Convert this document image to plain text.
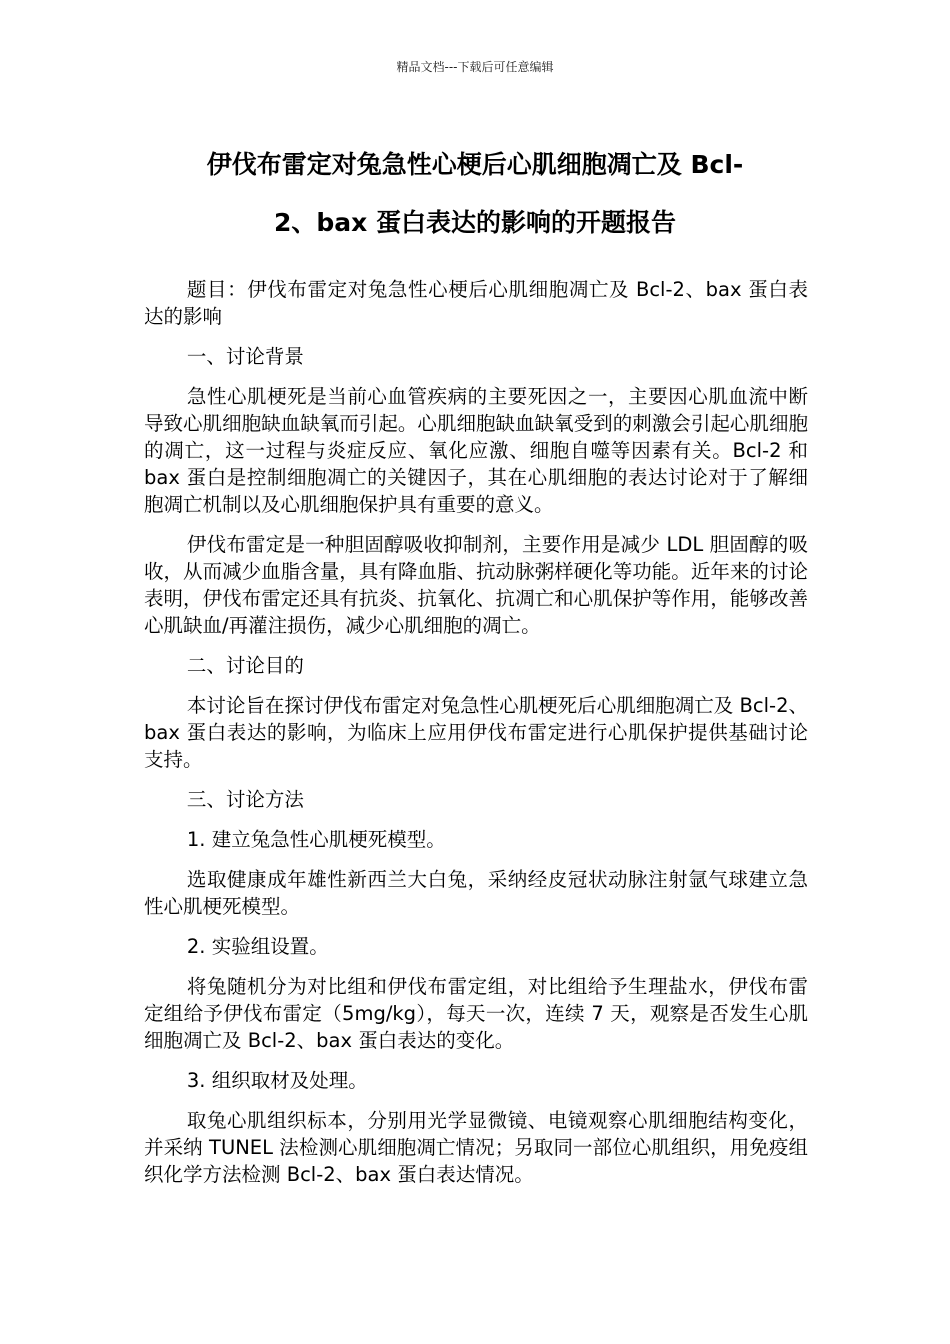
精品文档---下载后可任意编辑
伊伐布雷定对兔急性心梗后心肌细胞凋亡及 Bcl-
2、bax 蛋白表达的影响的开题报告

题目：伊伐布雷定对兔急性心梗后心肌细胞凋亡及 Bcl-2、bax 蛋白表达的影响

一、讨论背景

急性心肌梗死是当前心血管疾病的主要死因之一，主要因心肌血流中断导致心肌细胞缺血缺氧而引起。心肌细胞缺血缺氧受到的刺激会引起心肌细胞的凋亡，这一过程与炎症反应、氧化应激、细胞自噬等因素有关。Bcl-2 和 bax 蛋白是控制细胞凋亡的关键因子，其在心肌细胞的表达讨论对于了解细胞凋亡机制以及心肌细胞保护具有重要的意义。

伊伐布雷定是一种胆固醇吸收抑制剂，主要作用是减少 LDL 胆固醇的吸收，从而减少血脂含量，具有降血脂、抗动脉粥样硬化等功能。近年来的讨论表明，伊伐布雷定还具有抗炎、抗氧化、抗凋亡和心肌保护等作用，能够改善心肌缺血/再灌注损伤，减少心肌细胞的凋亡。

二、讨论目的

本讨论旨在探讨伊伐布雷定对兔急性心肌梗死后心肌细胞凋亡及 Bcl-2、bax 蛋白表达的影响，为临床上应用伊伐布雷定进行心肌保护提供基础讨论支持。

三、讨论方法

1. 建立兔急性心肌梗死模型。

选取健康成年雄性新西兰大白兔，采纳经皮冠状动脉注射氩气球建立急性心肌梗死模型。

2. 实验组设置。

将兔随机分为对比组和伊伐布雷定组，对比组给予生理盐水，伊伐布雷定组给予伊伐布雷定（5mg/kg），每天一次，连续 7 天，观察是否发生心肌细胞凋亡及 Bcl-2、bax 蛋白表达的变化。

3. 组织取材及处理。

取兔心肌组织标本，分别用光学显微镜、电镜观察心肌细胞结构变化，并采纳 TUNEL 法检测心肌细胞凋亡情况；另取同一部位心肌组织，用免疫组织化学方法检测 Bcl-2、bax 蛋白表达情况。
